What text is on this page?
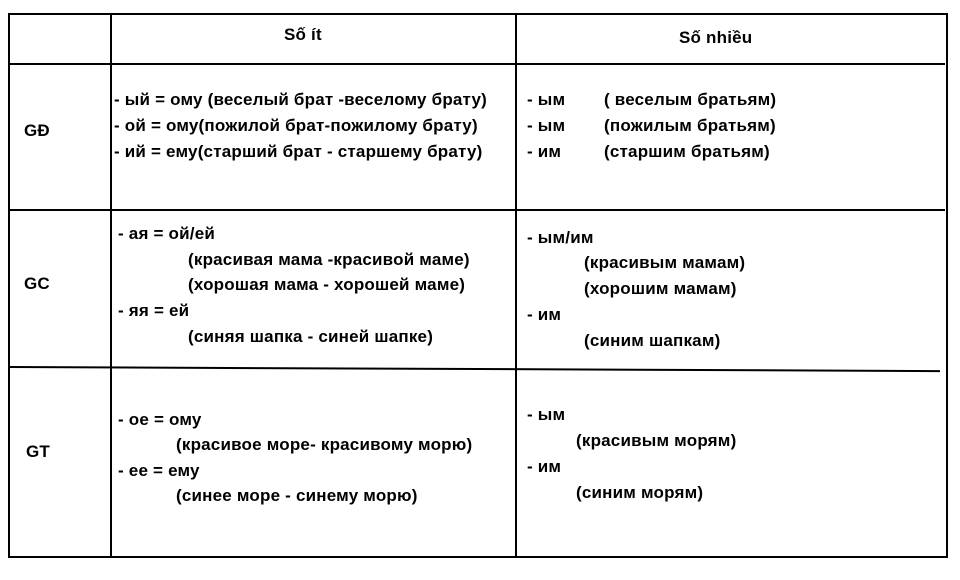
Số ít	Số nhiều
GĐ
- ый = ому (веселый брат -веселому брату)
- ой = ому(пожилой брат-пожилому брату)
- ий = ему(старший брат - старшему брату)
- ым ( веселым братьям)
- ым (пожилым братьям)
- им	(старшим братьям)
GC
- ая = ой/ей
(красивая мама -красивой маме)
(хорошая мама - хорошей маме)
- яя = ей
(синяя шапка - синей шапке)
- ым/им
(красивым мамам)
(хорошим мамам)
- им
(синим шапкам)
GT
- ое = ому
(красивое море- красивому морю)
- ее = ему
(синее море - синему морю)
- ым
(красивым морям)
- им
(синим морям)
